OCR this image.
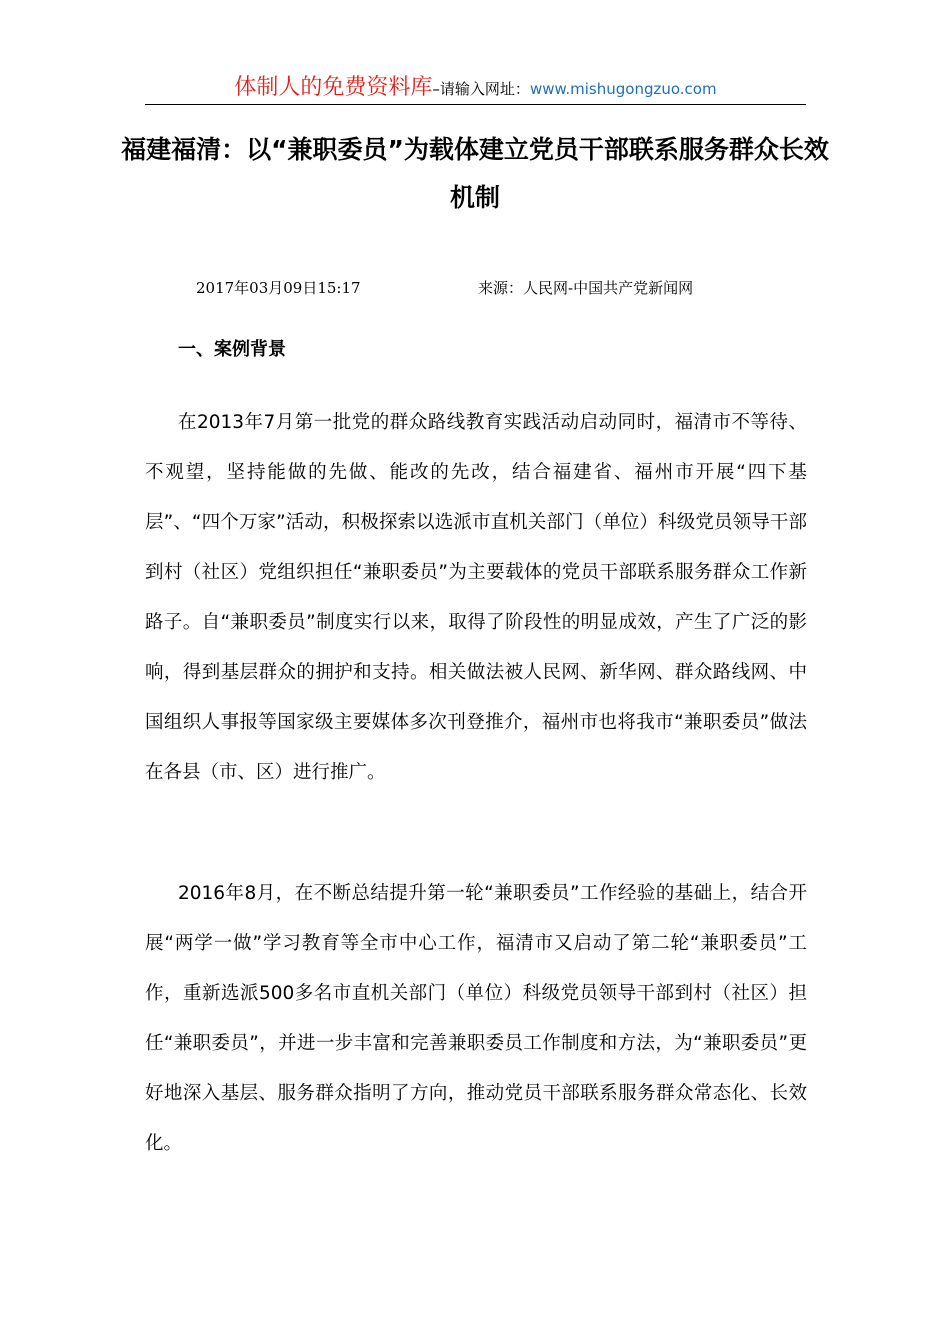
体制人的免费资料库–请输入网址：www.mishugongzuo.com
福建福清：以“兼职委员”为载体建立党员干部联系服务群众长效机制
2017年03月09日15:17	来源：人民网-中国共产党新闻网
一、案例背景

在2013年7月第一批党的群众路线教育实践活动启动同时，福清市不等待、不观望，坚持能做的先做、能改的先改，结合福建省、福州市开展“四下基层”、“四个万家”活动，积极探索以选派市直机关部门（单位）科级党员领导干部到村（社区）党组织担任“兼职委员”为主要载体的党员干部联系服务群众工作新路子。自“兼职委员”制度实行以来，取得了阶段性的明显成效，产生了广泛的影响，得到基层群众的拥护和支持。相关做法被人民网、新华网、群众路线网、中国组织人事报等国家级主要媒体多次刊登推介，福州市也将我市“兼职委员”做法在各县（市、区）进行推广。

2016年8月，在不断总结提升第一轮“兼职委员”工作经验的基础上，结合开展“两学一做”学习教育等全市中心工作，福清市又启动了第二轮“兼职委员”工作，重新选派500多名市直机关部门（单位）科级党员领导干部到村（社区）担任“兼职委员”，并进一步丰富和完善兼职委员工作制度和方法，为“兼职委员”更好地深入基层、服务群众指明了方向，推动党员干部联系服务群众常态化、长效化。
